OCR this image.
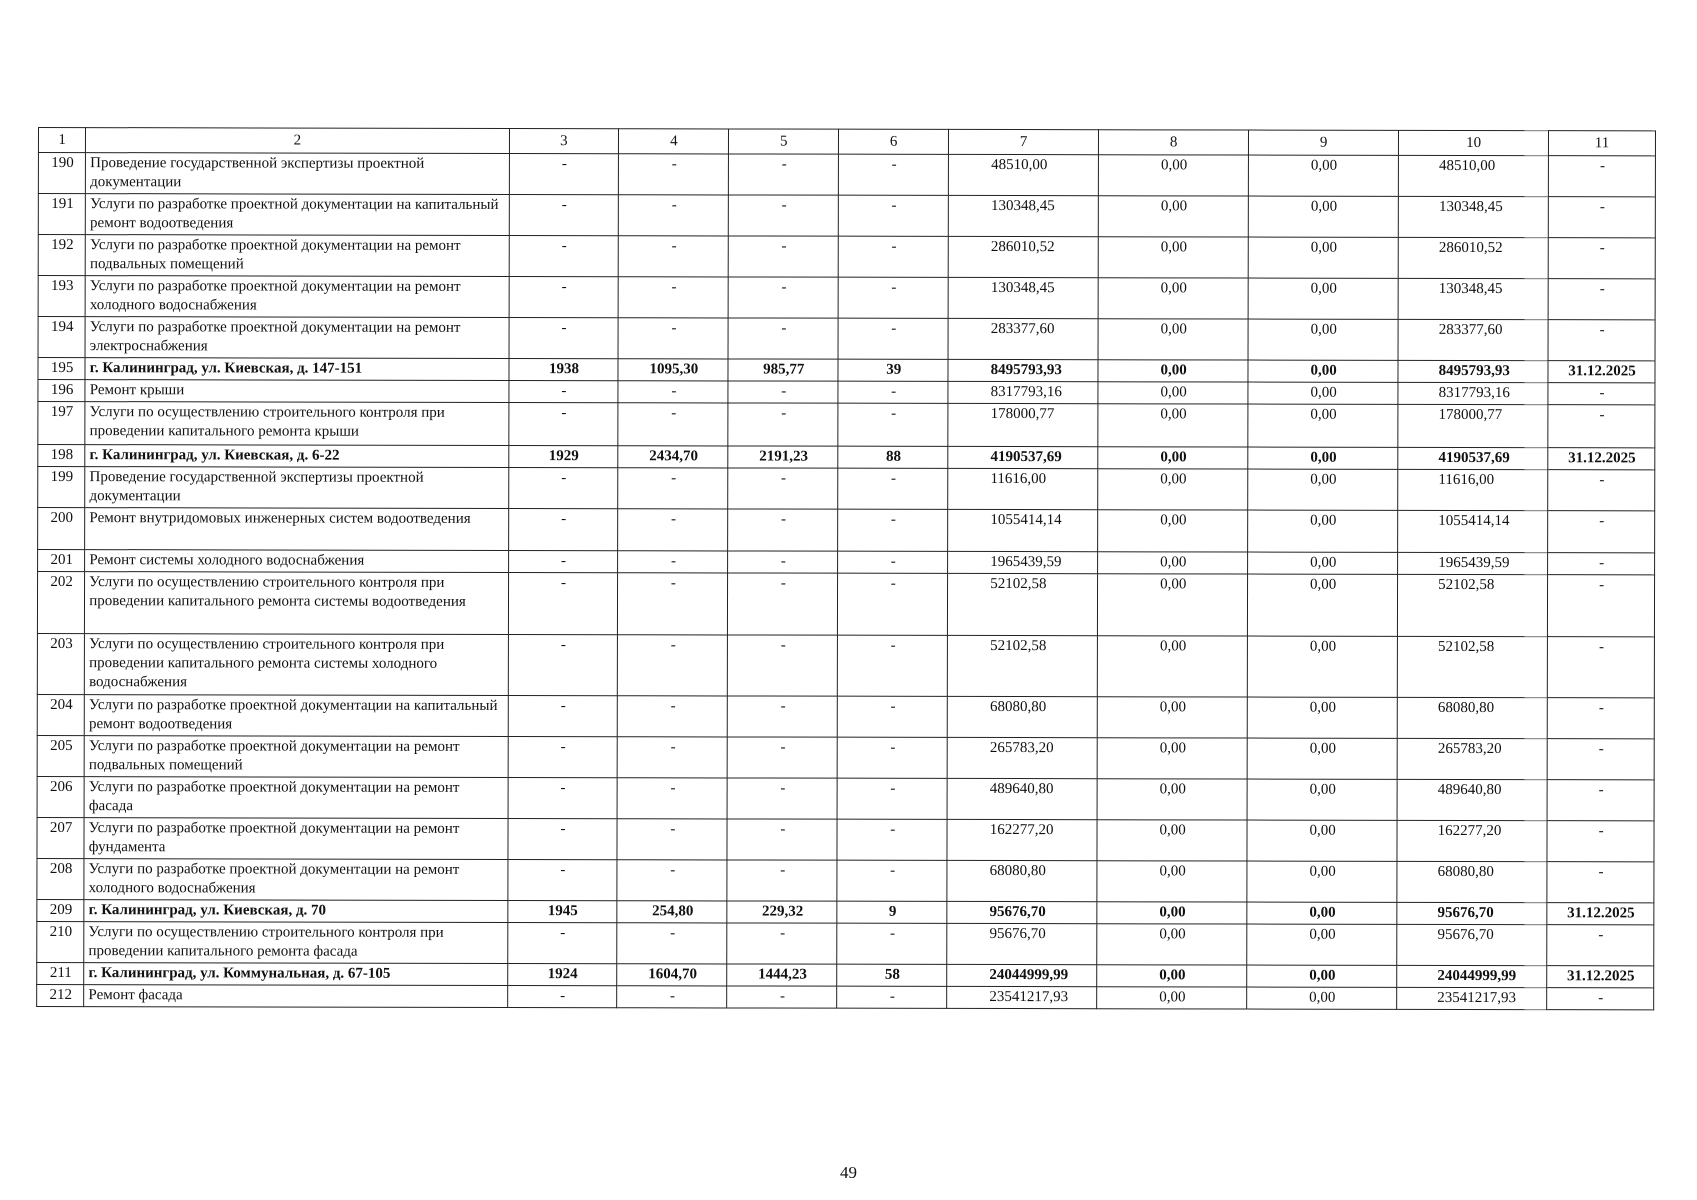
1	2	3	4	5	6	7	8	9	10	11
190	Проведение государственной экспертизы проектной документации	-	-	-	-	48510,00	0,00	0,00	48510,00	-
191	Услуги по разработке проектной документации на капитальный ремонт водоотведения	-	-	-	-	130348,45	0,00	0,00	130348,45	-
192	Услуги по разработке проектной документации на ремонт подвальных помещений	-	-	-	-	286010,52	0,00	0,00	286010,52	-
193	Услуги по разработке проектной документации на ремонт холодного водоснабжения	-	-	-	-	130348,45	0,00	0,00	130348,45	-
194	Услуги по разработке проектной документации на ремонт электроснабжения	-	-	-	-	283377,60	0,00	0,00	283377,60	-
195	г. Калининград, ул. Киевская, д. 147-151	1938	1095,30	985,77	39	8495793,93	0,00	0,00	8495793,93	31.12.2025
196	Ремонт крыши	-	-	-	-	8317793,16	0,00	0,00	8317793,16	-
197	Услуги по осуществлению строительного контроля при проведении капитального ремонта крыши	-	-	-	-	178000,77	0,00	0,00	178000,77	-
198	г. Калининград, ул. Киевская, д. 6-22	1929	2434,70	2191,23	88	4190537,69	0,00	0,00	4190537,69	31.12.2025
199	Проведение государственной экспертизы проектной документации	-	-	-	-	11616,00	0,00	0,00	11616,00	-
200	Ремонт внутридомовых инженерных систем водоотведения	-	-	-	-	1055414,14	0,00	0,00	1055414,14	-
201	Ремонт системы холодного водоснабжения	-	-	-	-	1965439,59	0,00	0,00	1965439,59	-
202	Услуги по осуществлению строительного контроля при проведении капитального ремонта системы водоотведения	-	-	-	-	52102,58	0,00	0,00	52102,58	-
203	Услуги по осуществлению строительного контроля при проведении капитального ремонта системы холодного водоснабжения	-	-	-	-	52102,58	0,00	0,00	52102,58	-
204	Услуги по разработке проектной документации на капитальный ремонт водоотведения	-	-	-	-	68080,80	0,00	0,00	68080,80	-
205	Услуги по разработке проектной документации на ремонт подвальных помещений	-	-	-	-	265783,20	0,00	0,00	265783,20	-
206	Услуги по разработке проектной документации на ремонт фасада	-	-	-	-	489640,80	0,00	0,00	489640,80	-
207	Услуги по разработке проектной документации на ремонт фундамента	-	-	-	-	162277,20	0,00	0,00	162277,20	-
208	Услуги по разработке проектной документации на ремонт холодного водоснабжения	-	-	-	-	68080,80	0,00	0,00	68080,80	-
209	г. Калининград, ул. Киевская, д. 70	1945	254,80	229,32	9	95676,70	0,00	0,00	95676,70	31.12.2025
210	Услуги по осуществлению строительного контроля при проведении капитального ремонта фасада	-	-	-	-	95676,70	0,00	0,00	95676,70	-
211	г. Калининград, ул. Коммунальная, д. 67-105	1924	1604,70	1444,23	58	24044999,99	0,00	0,00	24044999,99	31.12.2025
212	Ремонт фасада	-	-	-	-	23541217,93	0,00	0,00	23541217,93	-
49
